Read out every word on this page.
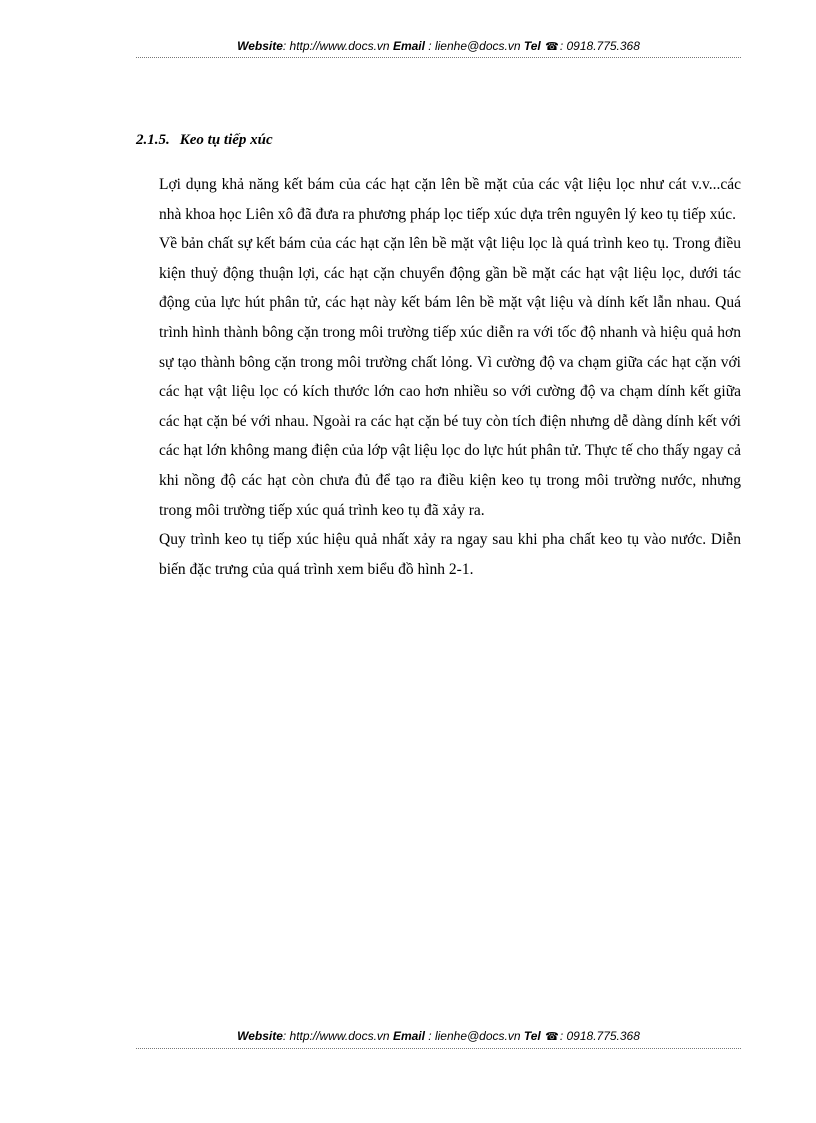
Website: http://www.docs.vn Email : lienhe@docs.vn Tel ☎: 0918.775.368
2.1.5. Keo tụ tiếp xúc

Lợi dụng khả năng kết bám của các hạt cặn lên bề mặt của các vật liệu lọc như cát v.v...các nhà khoa học Liên xô đã đưa ra phương pháp lọc tiếp xúc dựa trên nguyên lý keo tụ tiếp xúc.

Về bản chất sự kết bám của các hạt cặn lên bề mặt vật liệu lọc là quá trình keo tụ. Trong điều kiện thuỷ động thuận lợi, các hạt cặn chuyển động gần bề mặt các hạt vật liệu lọc, dưới tác động của lực hút phân tử, các hạt này kết bám lên bề mặt vật liệu và dính kết lẫn nhau. Quá trình hình thành bông cặn trong môi trường tiếp xúc diễn ra với tốc độ nhanh và hiệu quả hơn sự tạo thành bông cặn trong môi trường chất lỏng. Vì cường độ va chạm giữa các hạt cặn với các hạt vật liệu lọc có kích thước lớn cao hơn nhiều so với cường độ va chạm dính kết giữa các hạt cặn bé với nhau. Ngoài ra các hạt cặn bé tuy còn tích điện nhưng dễ dàng dính kết với các hạt lớn không mang điện của lớp vật liệu lọc do lực hút phân tử. Thực tế cho thấy ngay cả khi nồng độ các hạt còn chưa đủ để tạo ra điều kiện keo tụ trong môi trường nước, nhưng trong môi trường tiếp xúc quá trình keo tụ đã xảy ra.

Quy trình keo tụ tiếp xúc hiệu quả nhất xảy ra ngay sau khi pha chất keo tụ vào nước. Diễn biến đặc trưng của quá trình xem biểu đồ hình 2-1.

Website: http://www.docs.vn Email : lienhe@docs.vn Tel ☎: 0918.775.368
